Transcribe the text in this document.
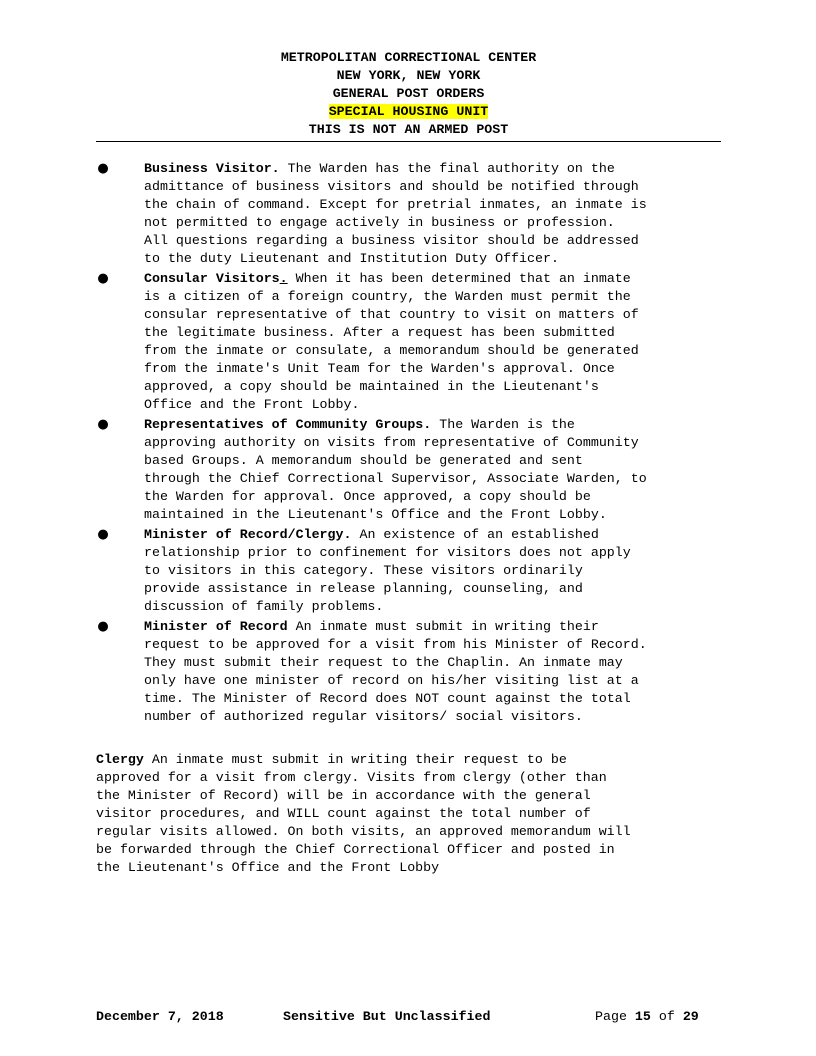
METROPOLITAN CORRECTIONAL CENTER
NEW YORK, NEW YORK
GENERAL POST ORDERS
SPECIAL HOUSING UNIT
THIS IS NOT AN ARMED POST
●	Business Visitor. The Warden has the final authority on the
admittance of business visitors and should be notified through
the chain of command. Except for pretrial inmates, an inmate is
not permitted to engage actively in business or profession.
All questions regarding a business visitor should be addressed
to the duty Lieutenant and Institution Duty Officer.
●	Consular Visitors. When it has been determined that an inmate
is a citizen of a foreign country, the Warden must permit the
consular representative of that country to visit on matters of
the legitimate business. After a request has been submitted
from the inmate or consulate, a memorandum should be generated
from the inmate's Unit Team for the Warden's approval. Once
approved, a copy should be maintained in the Lieutenant's
Office and the Front Lobby.
●	Representatives of Community Groups. The Warden is the
approving authority on visits from representative of Community
based Groups. A memorandum should be generated and sent
through the Chief Correctional Supervisor, Associate Warden, to
the Warden for approval. Once approved, a copy should be
maintained in the Lieutenant's Office and the Front Lobby.
●	Minister of Record/Clergy. An existence of an established
relationship prior to confinement for visitors does not apply
to visitors in this category. These visitors ordinarily
provide assistance in release planning, counseling, and
discussion of family problems.
●	Minister of Record An inmate must submit in writing their
request to be approved for a visit from his Minister of Record.
They must submit their request to the Chaplin. An inmate may
only have one minister of record on his/her visiting list at a
time. The Minister of Record does NOT count against the total
number of authorized regular visitors/ social visitors.
Clergy An inmate must submit in writing their request to be
approved for a visit from clergy. Visits from clergy (other than
the Minister of Record) will be in accordance with the general
visitor procedures, and WILL count against the total number of
regular visits allowed. On both visits, an approved memorandum will
be forwarded through the Chief Correctional Officer and posted in
the Lieutenant's Office and the Front Lobby
December 7, 2018	Sensitive But Unclassified	Page 15 of 29
